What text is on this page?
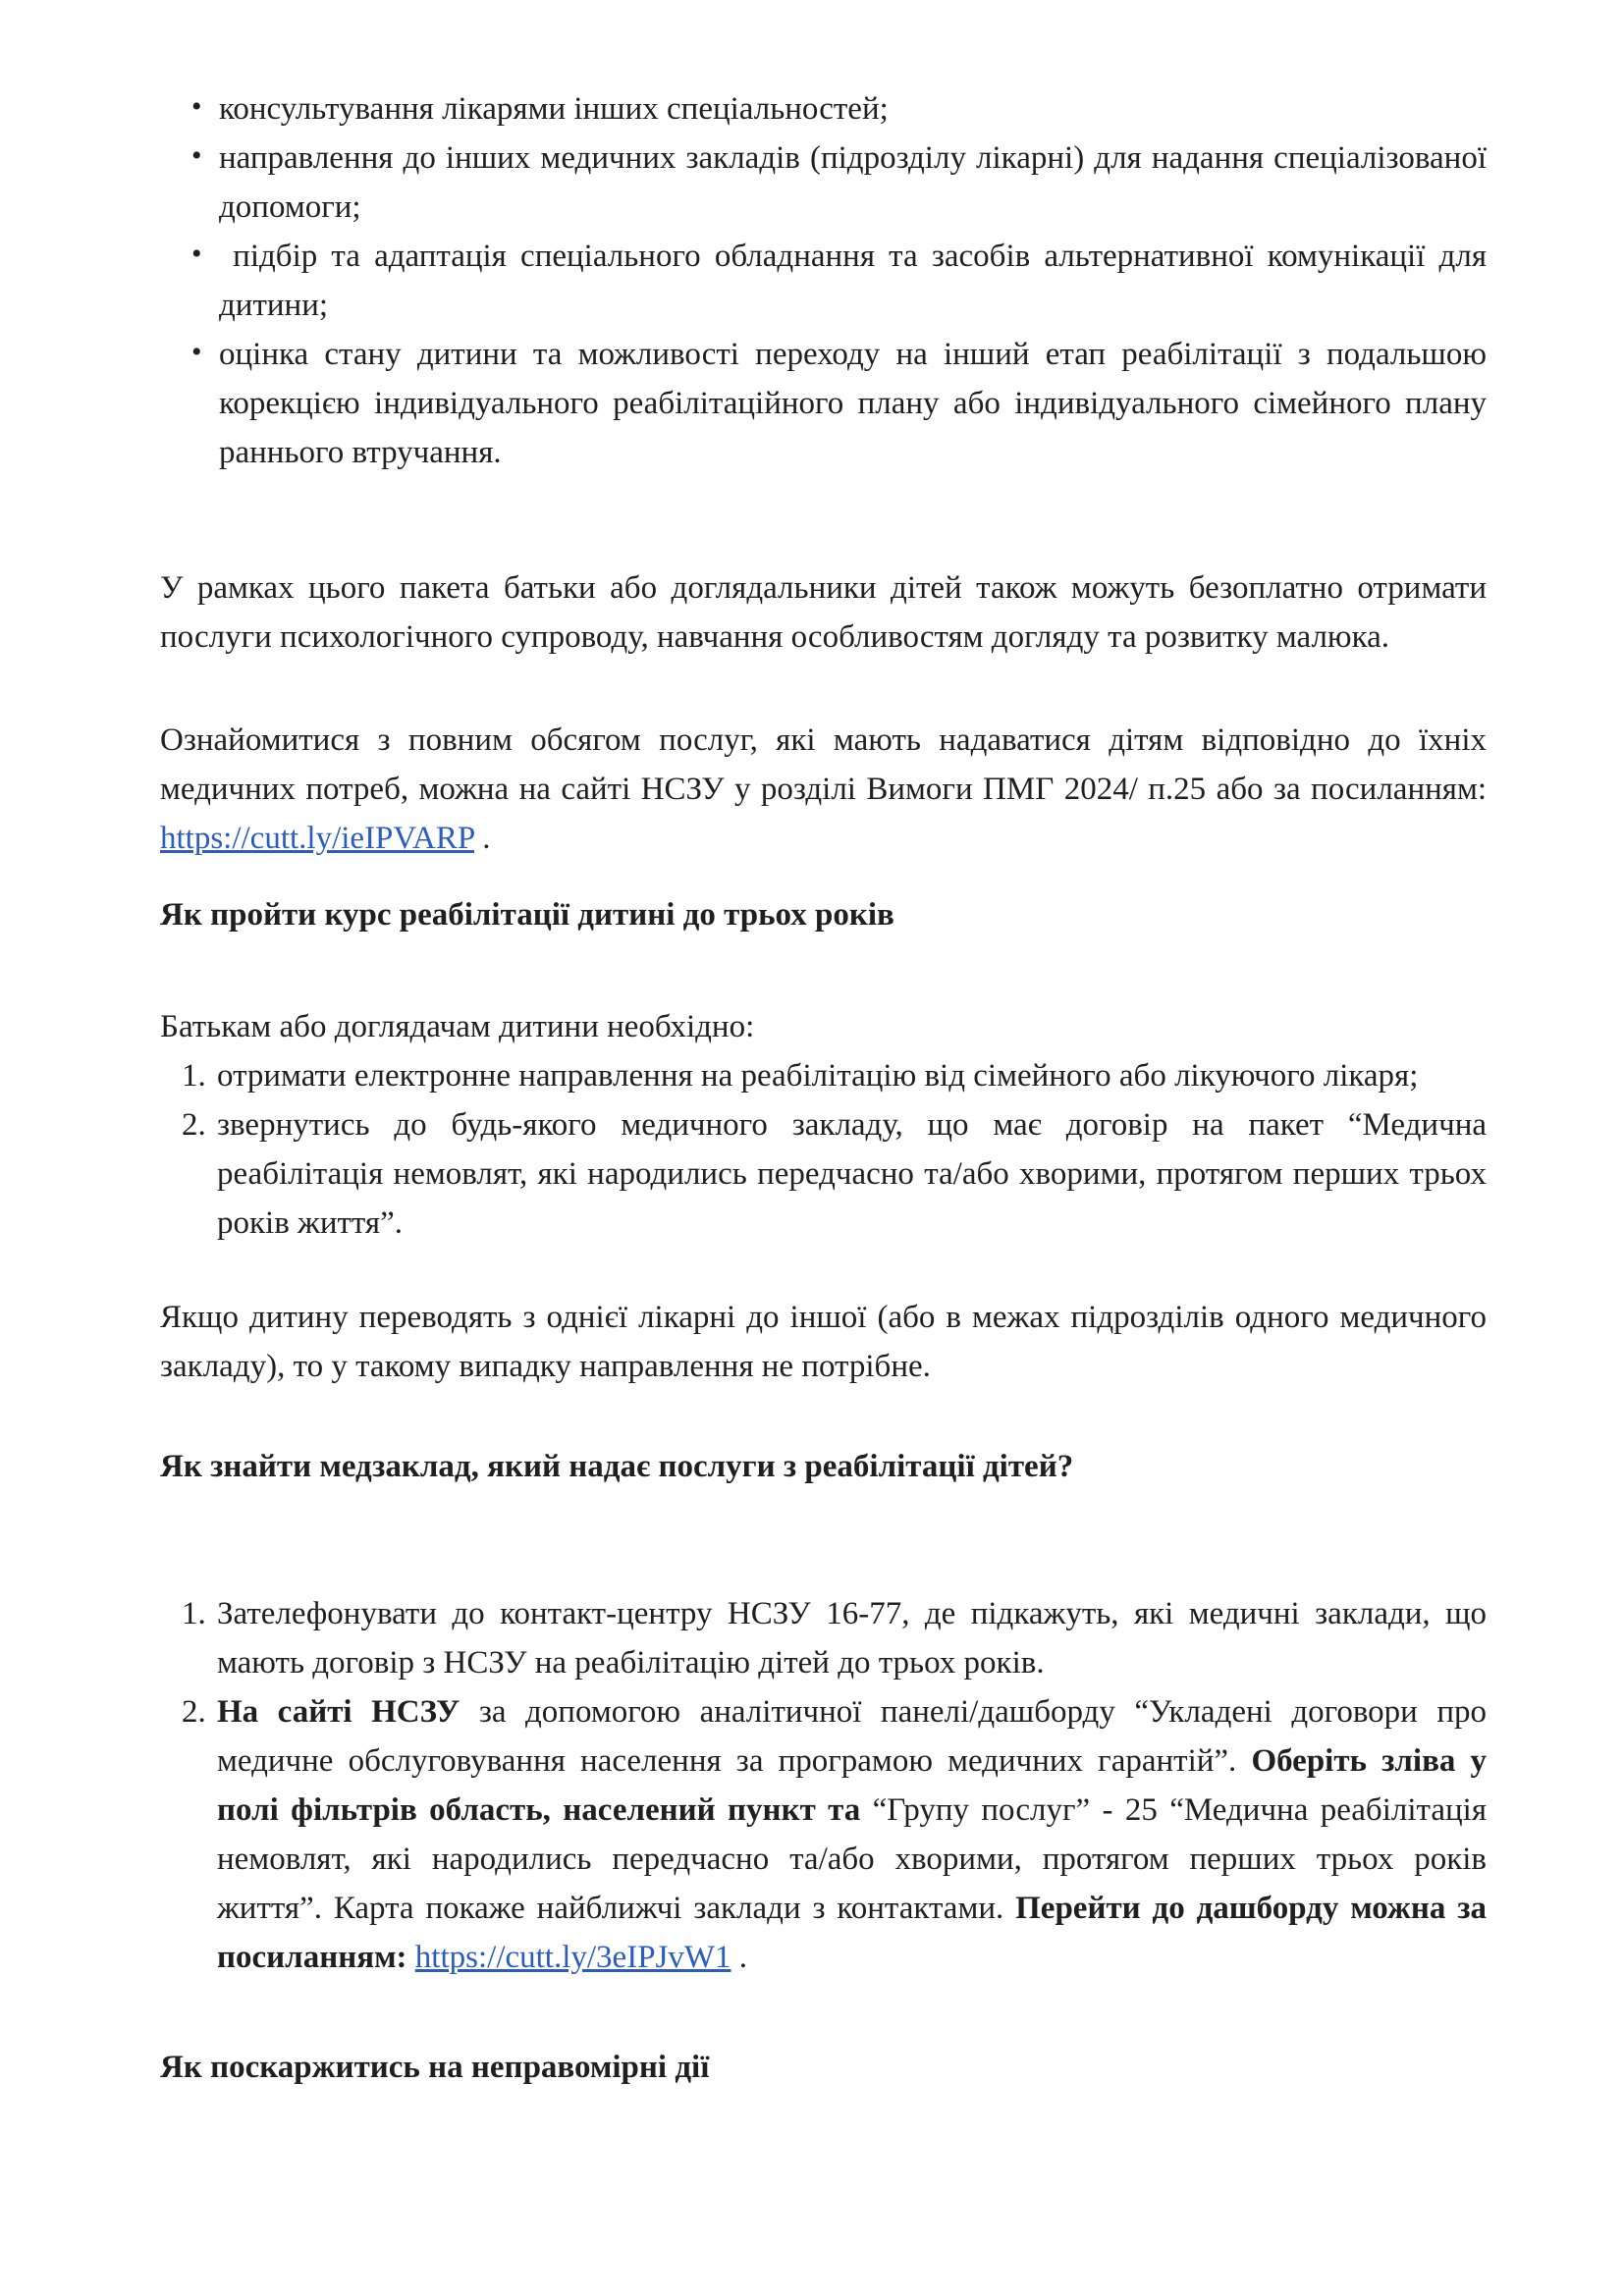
• консультування лікарями інших спеціальностей;
• направлення до інших медичних закладів (підрозділу лікарні) для надання спеціалізованої допомоги;
• підбір та адаптація спеціального обладнання та засобів альтернативної комунікації для дитини;
• оцінка стану дитини та можливості переходу на інший етап реабілітації з подальшою корекцією індивідуального реабілітаційного плану або індивідуального сімейного плану раннього втручання.
У рамках цього пакета батьки або доглядальники дітей також можуть безоплатно отримати послуги психологічного супроводу, навчання особливостям догляду та розвитку малюка.
Ознайомитися з повним обсягом послуг, які мають надаватися дітям відповідно до їхніх медичних потреб, можна на сайті НСЗУ у розділі Вимоги ПМГ 2024/ п.25 або за посиланням: https://cutt.ly/ieIPVARP .
Як пройти курс реабілітації дитині до трьох років
Батькам або доглядачам дитини необхідно:
1. отримати електронне направлення на реабілітацію від сімейного або лікуючого лікаря;
2. звернутись до будь-якого медичного закладу, що має договір на пакет “Медична реабілітація немовлят, які народились передчасно та/або хворими, протягом перших трьох років життя”.
Якщо дитину переводять з однієї лікарні до іншої (або в межах підрозділів одного медичного закладу), то у такому випадку направлення не потрібне.
Як знайти медзаклад, який надає послуги з реабілітації дітей?
1. Зателефонувати до контакт-центру НСЗУ 16-77, де підкажуть, які медичні заклади, що мають договір з НСЗУ на реабілітацію дітей до трьох років.
2. На сайті НСЗУ за допомогою аналітичної панелі/дашборду “Укладені договори про медичне обслуговування населення за програмою медичних гарантій”. Оберіть зліва у полі фільтрів область, населений пункт та “Групу послуг” - 25 “Медична реабілітація немовлят, які народились передчасно та/або хворими, протягом перших трьох років життя”. Карта покаже найближчі заклади з контактами. Перейти до дашборду можна за посиланням: https://cutt.ly/3eIPJvW1 .
Як поскаржитись на неправомірні дії
